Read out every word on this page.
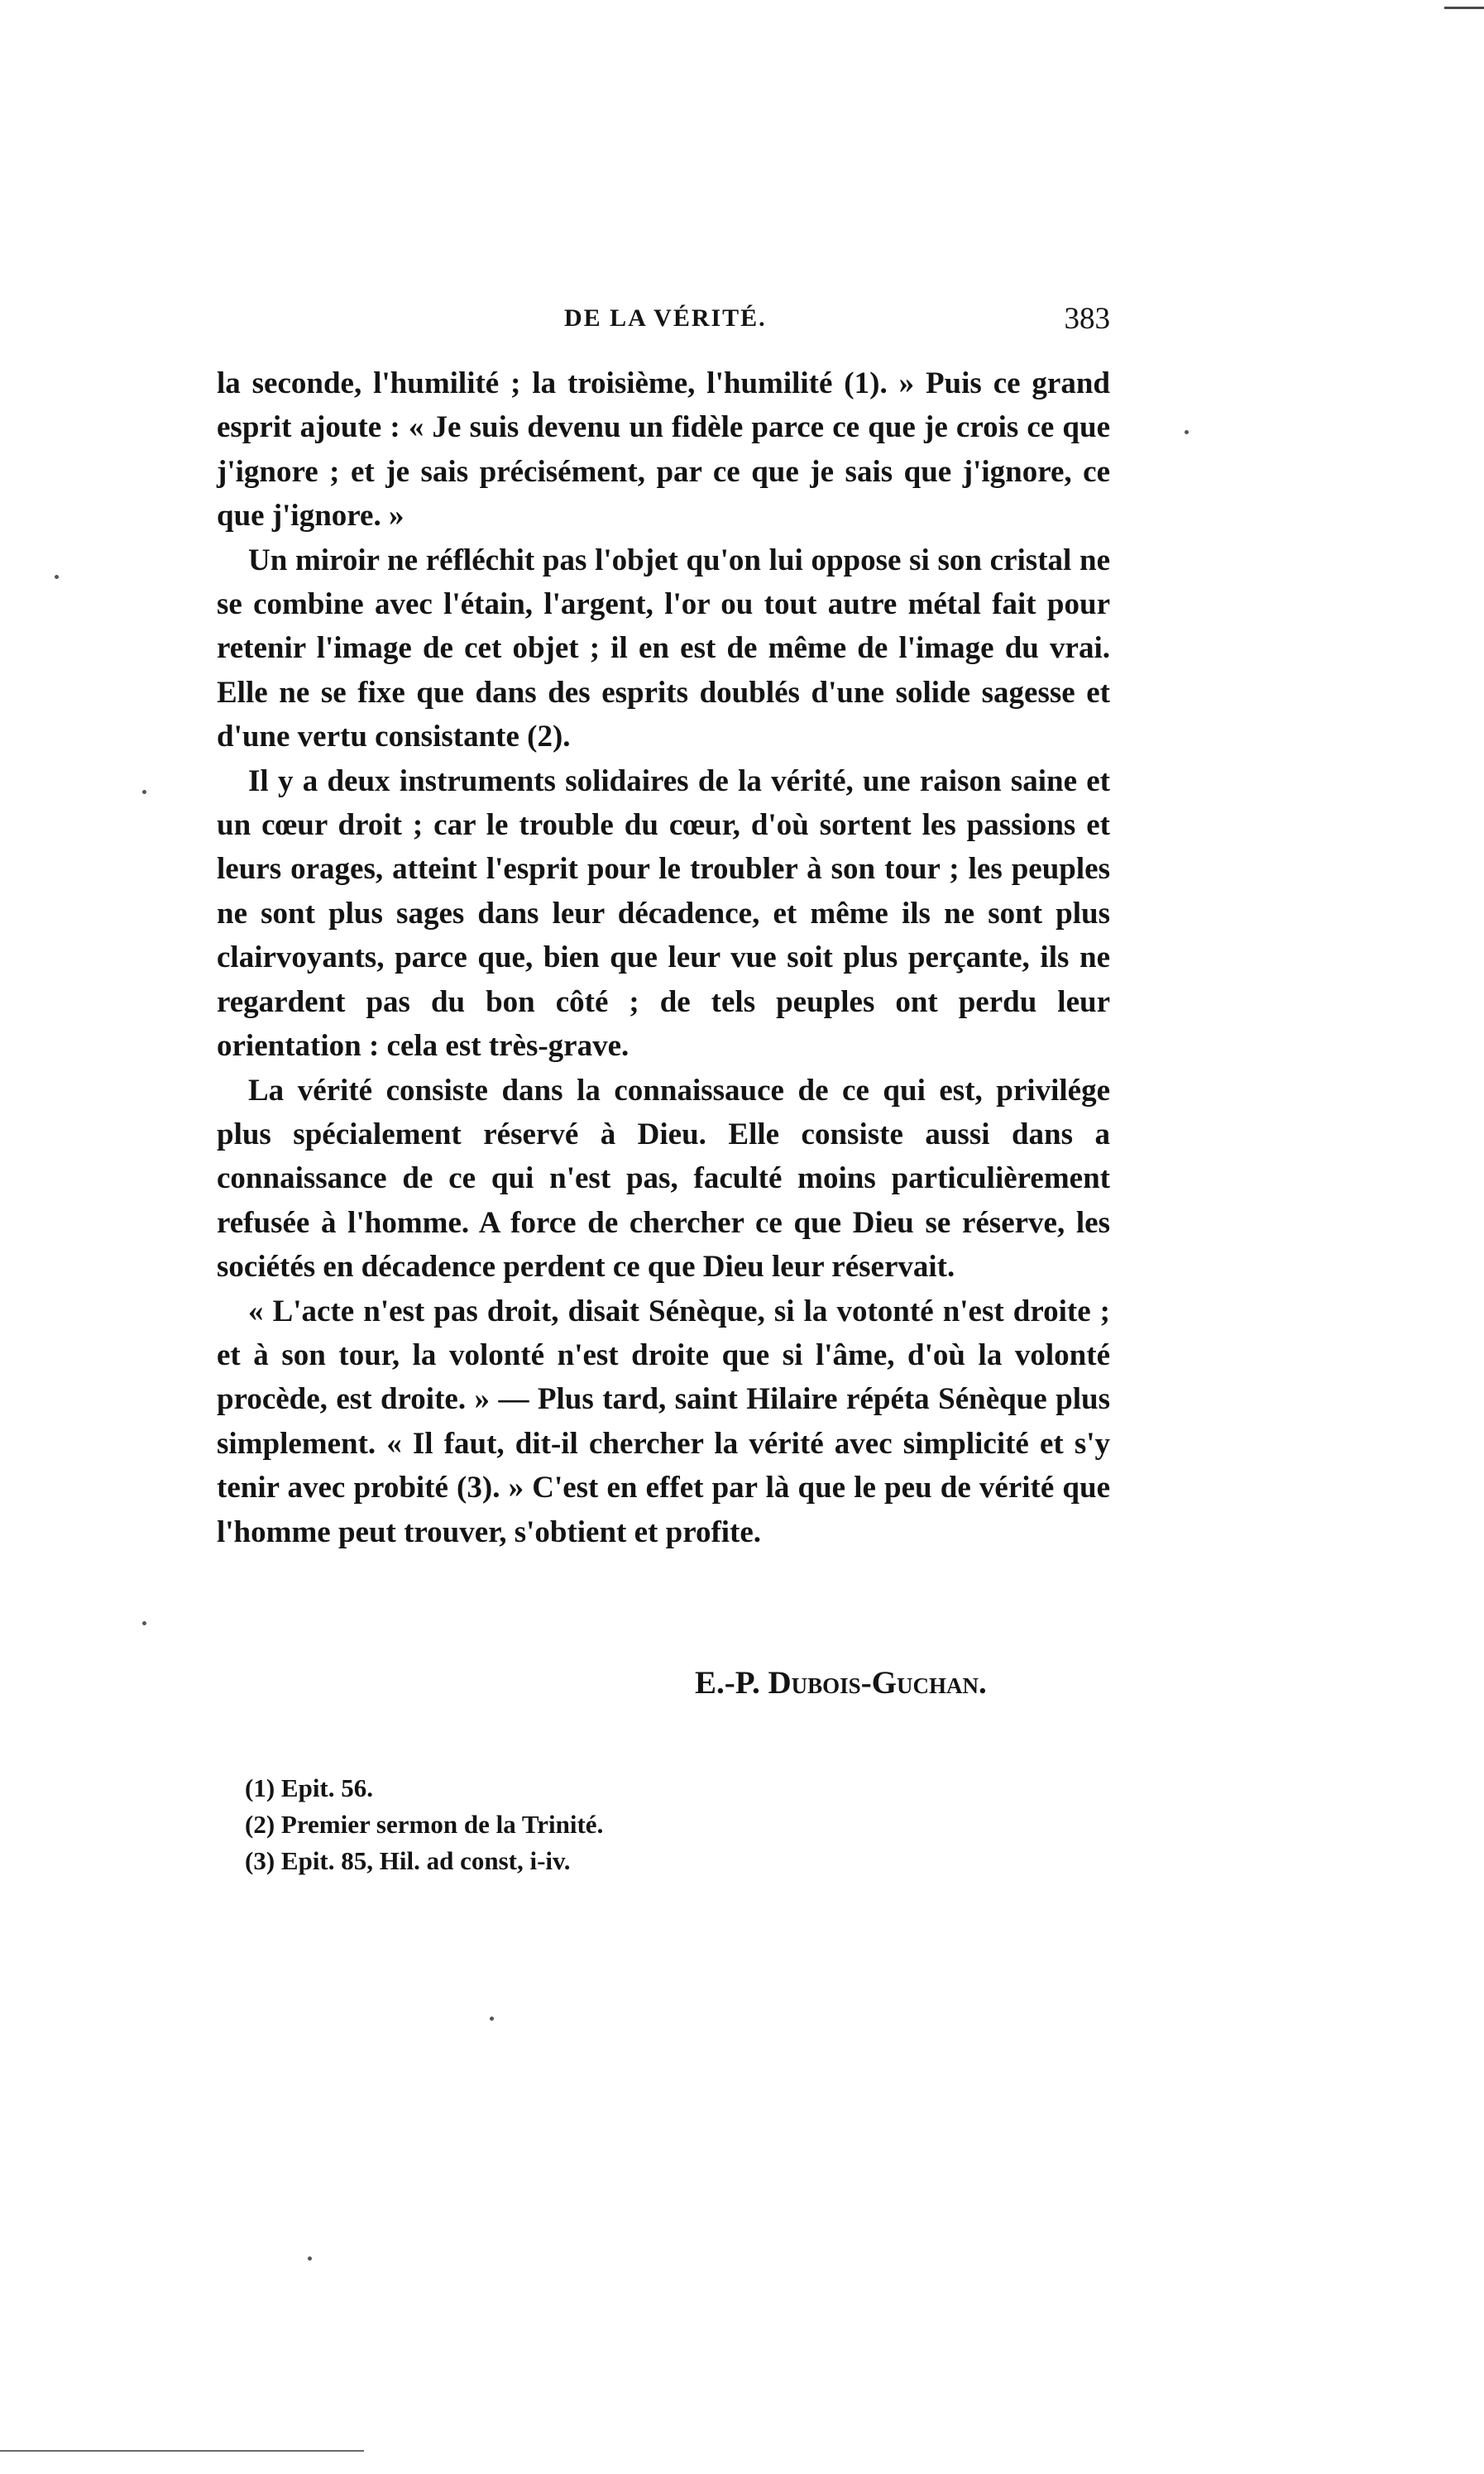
DE LA VÉRITÉ.	383

la seconde, l'humilité ; la troisième, l'humilité (1). » Puis ce grand esprit ajoute : « Je suis devenu un fidèle parce ce que je crois ce que j'ignore ; et je sais précisément, par ce que je sais que j'ignore, ce que j'ignore. »

Un miroir ne réfléchit pas l'objet qu'on lui oppose si son cristal ne se combine avec l'étain, l'argent, l'or ou tout autre métal fait pour retenir l'image de cet objet ; il en est de même de l'image du vrai. Elle ne se fixe que dans des esprits doublés d'une solide sagesse et d'une vertu consistante (2).

Il y a deux instruments solidaires de la vérité, une raison saine et un cœur droit ; car le trouble du cœur, d'où sortent les passions et leurs orages, atteint l'esprit pour le troubler à son tour ; les peuples ne sont plus sages dans leur décadence, et même ils ne sont plus clairvoyants, parce que, bien que leur vue soit plus perçante, ils ne regardent pas du bon côté ; de tels peuples ont perdu leur orientation : cela est très-grave.

La vérité consiste dans la connaissauce de ce qui est, privilége plus spécialement réservé à Dieu. Elle consiste aussi dans a connaissance de ce qui n'est pas, faculté moins particulièrement refusée à l'homme. A force de chercher ce que Dieu se réserve, les sociétés en décadence perdent ce que Dieu leur réservait.

« L'acte n'est pas droit, disait Sénèque, si la votonté n'est droite ; et à son tour, la volonté n'est droite que si l'âme, d'où la volonté procède, est droite. » — Plus tard, saint Hilaire répéta Sénèque plus simplement. « Il faut, dit-il chercher la vérité avec simplicité et s'y tenir avec probité (3). » C'est en effet par là que le peu de vérité que l'homme peut trouver, s'obtient et profite.

E.-P. Dubois-Guchan.
(1) Epit. 56.
(2) Premier sermon de la Trinité.
(3) Epit. 85, Hil. ad const, i-iv.
